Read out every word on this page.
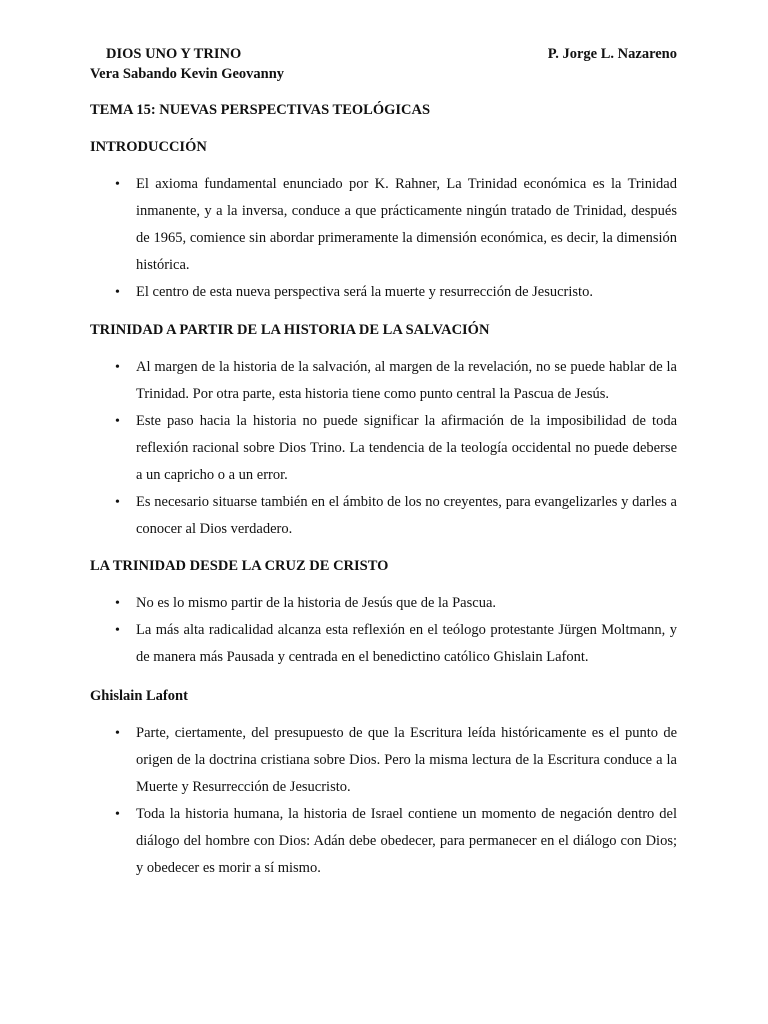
DIOS UNO Y TRINO	P. Jorge L. Nazareno
Vera Sabando Kevin Geovanny
TEMA 15: NUEVAS PERSPECTIVAS TEOLÓGICAS
INTRODUCCIÓN
• El axioma fundamental enunciado por K. Rahner, La Trinidad económica es la Trinidad inmanente, y a la inversa, conduce a que prácticamente ningún tratado de Trinidad, después de 1965, comience sin abordar primeramente la dimensión económica, es decir, la dimensión histórica.
• El centro de esta nueva perspectiva será la muerte y resurrección de Jesucristo.
TRINIDAD A PARTIR DE LA HISTORIA DE LA SALVACIÓN
• Al margen de la historia de la salvación, al margen de la revelación, no se puede hablar de la Trinidad. Por otra parte, esta historia tiene como punto central la Pascua de Jesús.
• Este paso hacia la historia no puede significar la afirmación de la imposibilidad de toda reflexión racional sobre Dios Trino. La tendencia de la teología occidental no puede deberse a un capricho o a un error.
• Es necesario situarse también en el ámbito de los no creyentes, para evangelizarles y darles a conocer al Dios verdadero.
LA TRINIDAD DESDE LA CRUZ DE CRISTO
• No es lo mismo partir de la historia de Jesús que de la Pascua.
• La más alta radicalidad alcanza esta reflexión en el teólogo protestante Jürgen Moltmann, y de manera más Pausada y centrada en el benedictino católico Ghislain Lafont.
Ghislain Lafont
• Parte, ciertamente, del presupuesto de que la Escritura leída históricamente es el punto de origen de la doctrina cristiana sobre Dios. Pero la misma lectura de la Escritura conduce a la Muerte y Resurrección de Jesucristo.
• Toda la historia humana, la historia de Israel contiene un momento de negación dentro del diálogo del hombre con Dios: Adán debe obedecer, para permanecer en el diálogo con Dios; y obedecer es morir a sí mismo.
